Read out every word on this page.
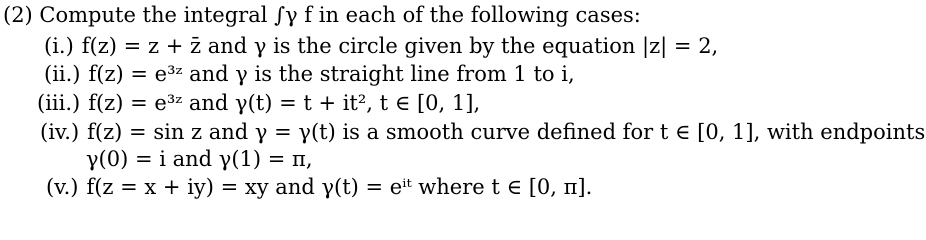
(2) Compute the integral ∫γ f in each of the following cases:
(i.) f(z) = z + z̄ and γ is the circle given by the equation |z| = 2,
(ii.) f(z) = e³ᶻ and γ is the straight line from 1 to i,
(iii.) f(z) = e³ᶻ and γ(t) = t + it², t ∈ [0, 1],
(iv.) f(z) = sin z and γ = γ(t) is a smooth curve defined for t ∈ [0, 1], with endpoints
γ(0) = i and γ(1) = π,
(v.) f(z = x + iy) = xy and γ(t) = eⁱᵗ where t ∈ [0, π].
